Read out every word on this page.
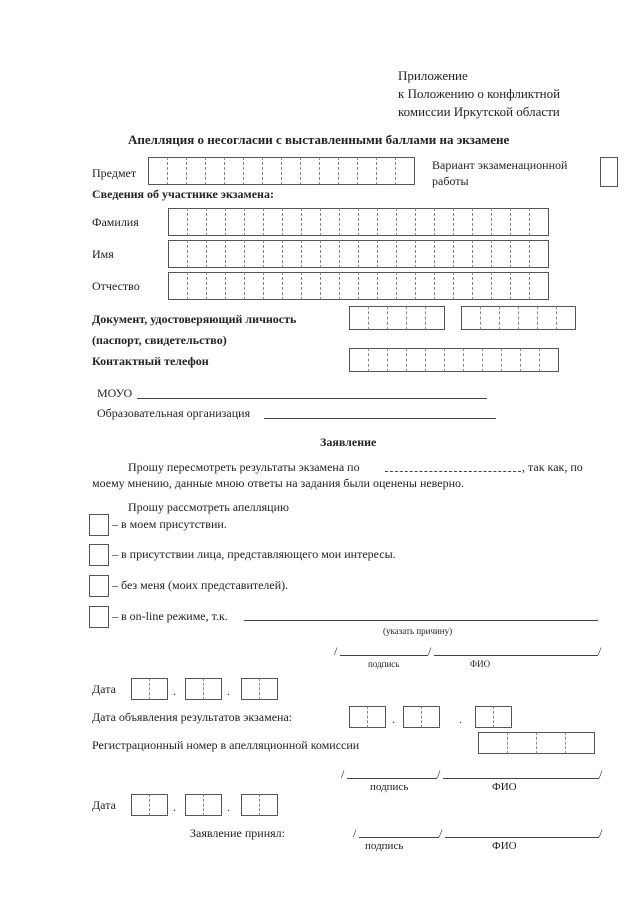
Приложение
к Положению о конфликтной
комиссии Иркутской области
Апелляция о несогласии с выставленными баллами на экзамене
Предмет
Вариант экзаменационной
работы
Сведения об участнике экзамена:
Фамилия
Имя
Отчество
Документ, удостоверяющий личность
(паспорт, свидетельство)
Контактный телефон
МОУО
Образовательная организация
Заявление
Прошу пересмотреть результаты экзамена по	, так как, по
моему мнению, данные мною ответы на задания были оценены неверно.
Прошу рассмотреть апелляцию
– в моем присутствии.
– в присутствии лица, представляющего мои интересы.
– без меня (моих представителей).
– в on-line режиме, т.к.
(указать причину)
/	/	/
подпись	ФИО
Дата	.	.
Дата объявления результатов экзамена:	.	.
Регистрационный номер в апелляционной комиссии
/	/	/
подпись	ФИО
Дата	.	.
Заявление принял:	/	/	/
подпись	ФИО
